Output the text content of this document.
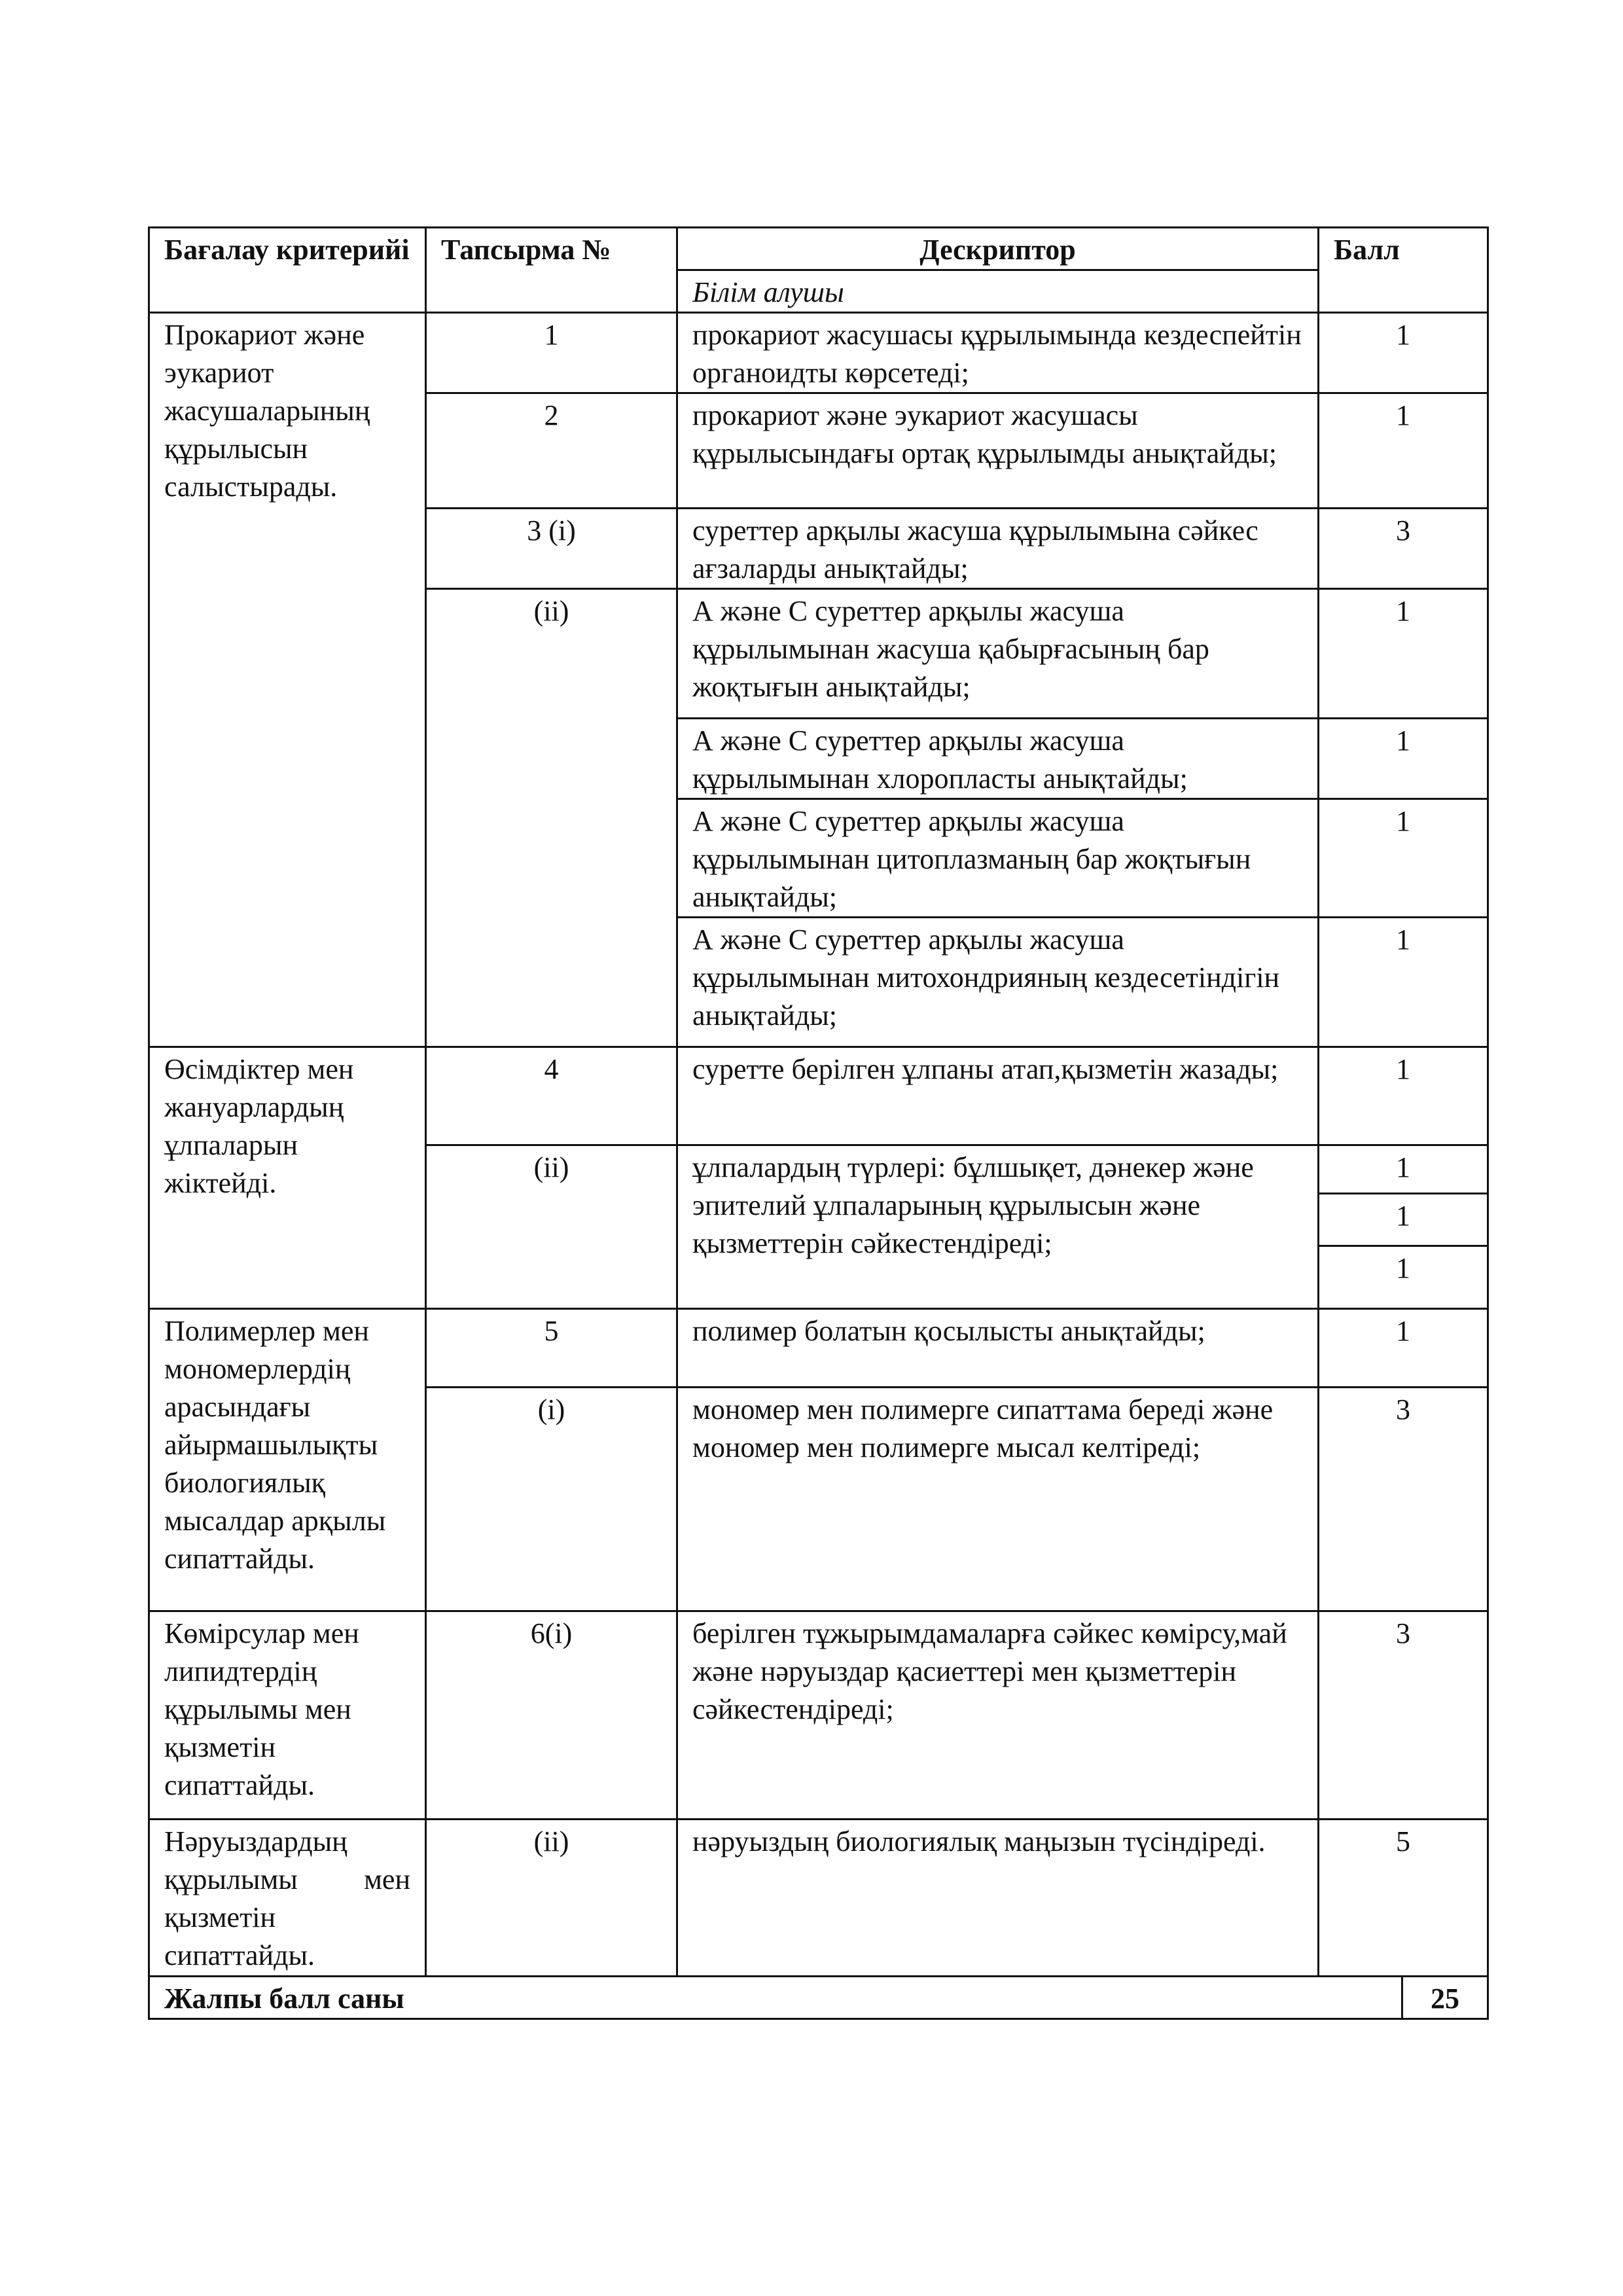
Бағалау критерийі	Тапсырма №	Дескриптор	Балл	
		Білім алушы		
Прокариот және эукариот жасушаларының құрылысын салыстырады.	1	прокариот жасушасы құрылымында кездеспейтін органоидты көрсетеді;	1	
	2	прокариот және эукариот жасушасы құрылысындағы ортақ құрылымды анықтайды;	1	
	3 (i)	суреттер арқылы жасуша құрылымына сәйкес ағзаларды анықтайды;	3	
	(ii)	А және С суреттер арқылы жасуша құрылымынан жасуша қабырғасының бар жоқтығын анықтайды;	1	
		А және С суреттер арқылы жасуша құрылымынан хлоропласты анықтайды;	1	
		А және С суреттер арқылы жасуша құрылымынан цитоплазманың бар жоқтығын анықтайды;	1	
		А және С суреттер арқылы жасуша құрылымынан митохондрияның кездесетіндігін анықтайды;	1	
Өсімдіктер мен жануарлардың ұлпаларын жіктейді.	4	суретте берілген ұлпаны атап,қызметін жазады;	1	
	(ii)	ұлпалардың түрлері: бұлшықет, дәнекер және эпителий ұлпаларының құрылысын және қызметтерін сәйкестендіреді;	1	
			1	
			1	
Полимерлер мен мономерлердің арасындағы айырмашылықты биологиялық мысалдар арқылы сипаттайды.	5	полимер болатын қосылысты анықтайды;	1	
	(i)	мономер мен полимерге сипаттама береді және мономер мен полимерге мысал келтіреді;	3	
Көмірсулар мен липидтердің құрылымы мен қызметін сипаттайды.	6(i)	берілген тұжырымдамаларға сәйкес көмірсу,май және нәруыздар қасиеттері мен қызметтерін сәйкестендіреді;	3	
Нәруыздардың құрылымы мен қызметін сипаттайды.	(ii)	нәруыздың биологиялық маңызын түсіндіреді.	5	
Жалпы балл саны				25
